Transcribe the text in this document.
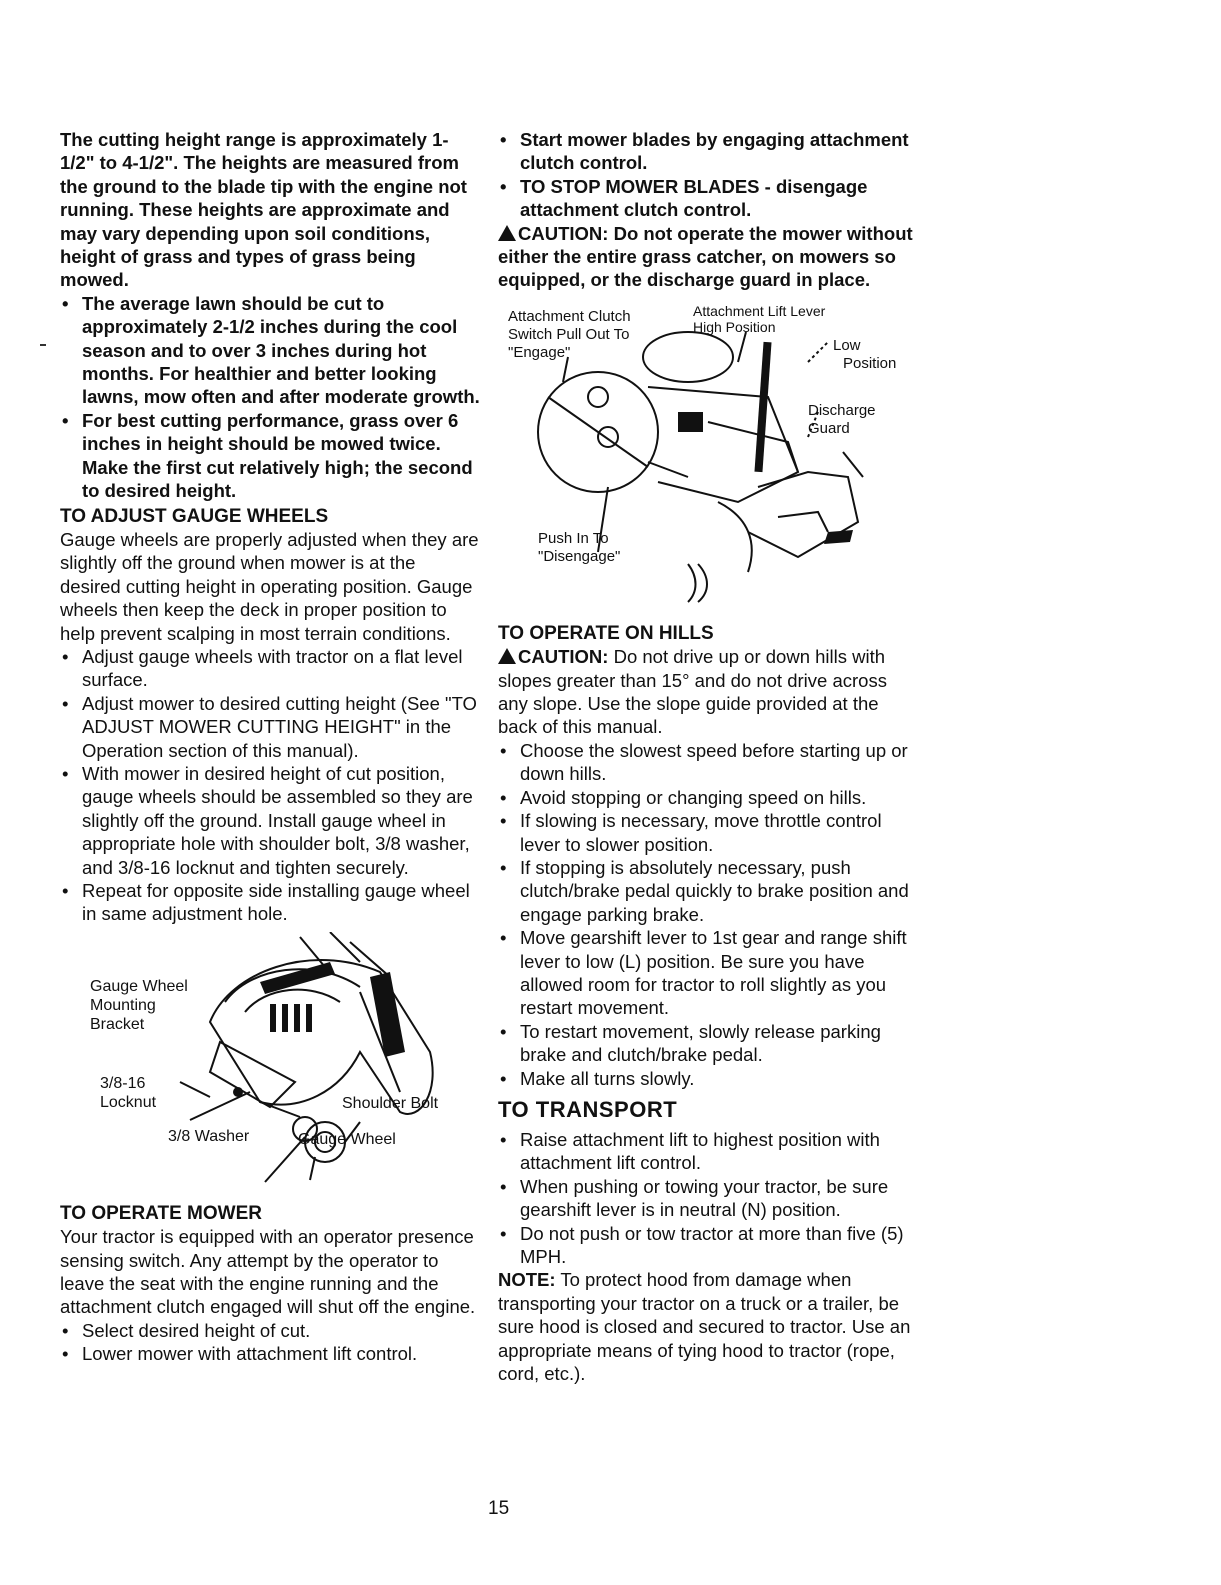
The cutting height range is approximately 1-1/2" to 4-1/2". The heights are measured from the ground to the blade tip with the engine not running. These heights are approximate and may vary depending upon soil conditions, height of grass and types of grass being mowed.

• The average lawn should be cut to approximately 2-1/2 inches during the cool season and to over 3 inches during hot months. For healthier and better looking lawns, mow often and after moderate growth.
• For best cutting performance, grass over 6 inches in height should be mowed twice. Make the first cut relatively high; the second to desired height.

TO ADJUST GAUGE WHEELS

Gauge wheels are properly adjusted when they are slightly off the ground when mower is at the desired cutting height in operating position. Gauge wheels then keep the deck in proper position to help prevent scalping in most terrain conditions.

• Adjust gauge wheels with tractor on a flat level surface.
• Adjust mower to desired cutting height (See "TO ADJUST MOWER CUTTING HEIGHT" in the Operation section of this manual).
• With mower in desired height of cut position, gauge wheels should be assembled so they are slightly off the ground. Install gauge wheel in appropriate hole with shoulder bolt, 3/8 washer, and 3/8-16 locknut and tighten securely.
• Repeat for opposite side installing gauge wheel in same adjustment hole.
Gauge Wheel
Mounting
Bracket
3/8-16
Locknut
3/8 Washer
Shoulder Bolt
Gauge Wheel

TO OPERATE MOWER

Your tractor is equipped with an operator presence sensing switch. Any attempt by the operator to leave the seat with the engine running and the attachment clutch engaged will shut off the engine.

• Select desired height of cut.
• Lower mower with attachment lift control.
• Start mower blades by engaging attachment clutch control.
• TO STOP MOWER BLADES - disengage attachment clutch control.

CAUTION: Do not operate the mower without either the entire grass catcher, on mowers so equipped, or the discharge guard in place.

Attachment Clutch
Switch Pull Out To
"Engage"
Attachment Lift Lever
High Position
Low
Position
Discharge
Guard
Push In To
"Disengage"

TO OPERATE ON HILLS

CAUTION: Do not drive up or down hills with slopes greater than 15° and do not drive across any slope. Use the slope guide provided at the back of this manual.

• Choose the slowest speed before starting up or down hills.
• Avoid stopping or changing speed on hills.
• If slowing is necessary, move throttle control lever to slower position.
• If stopping is absolutely necessary, push clutch/brake pedal quickly to brake position and engage parking brake.
• Move gearshift lever to 1st gear and range shift lever to low (L) position. Be sure you have allowed room for tractor to roll slightly as you restart movement.
• To restart movement, slowly release parking brake and clutch/brake pedal.
• Make all turns slowly.

TO TRANSPORT

• Raise attachment lift to highest position with attachment lift control.
• When pushing or towing your tractor, be sure gearshift lever is in neutral (N) position.
• Do not push or tow tractor at more than five (5) MPH.

NOTE: To protect hood from damage when transporting your tractor on a truck or a trailer, be sure hood is closed and secured to tractor. Use an appropriate means of tying hood to tractor (rope, cord, etc.).

15
